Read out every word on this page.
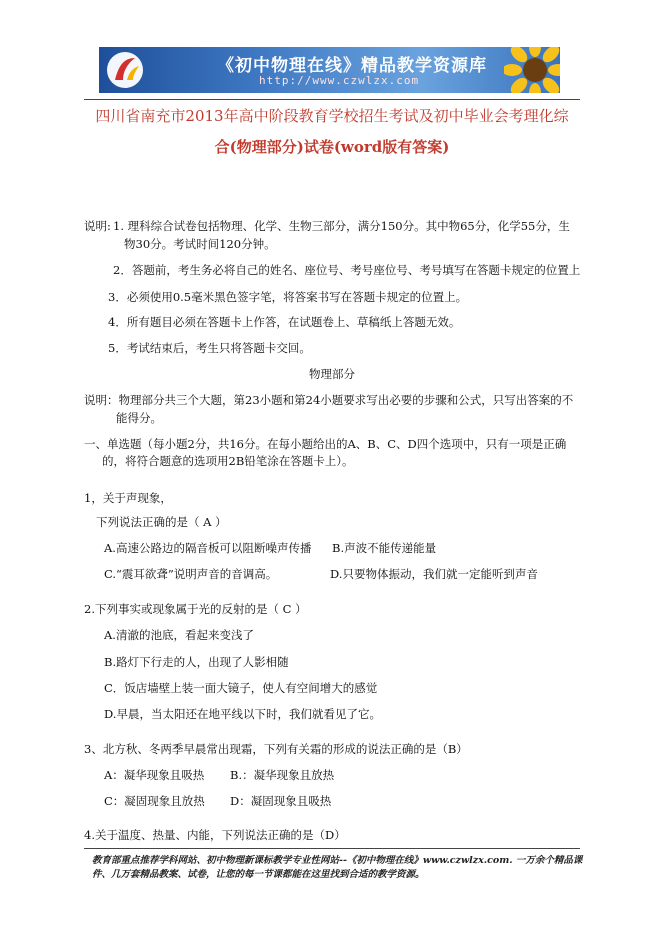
《初中物理在线》精品教学资源库
http://www.czwlzx.com
四川省南充市2013年高中阶段教育学校招生考试及初中毕业会考理化综
合(物理部分)试卷(word版有答案)
说明: 1. 理科综合试卷包括物理、化学、生物三部分，满分150分。其中物65分，化学55分，生
物30分。考试时间120分钟。
2．答题前，考生务必将自己的姓名、座位号、考号座位号、考号填写在答题卡规定的位置上
3．必须使用0.5毫米黑色签字笔，将答案书写在答题卡规定的位置上。
4．所有题目必须在答题卡上作答，在试题卷上、草稿纸上答题无效。
5．考试结束后，考生只将答题卡交回。
物理部分
说明：物理部分共三个大题，第23小题和第24小题要求写出必要的步骤和公式，只写出答案的不
能得分。
一、单选题（每小题2分，共16分。在每小题给出的A、B、C、D四个选项中，只有一项是正确
的，将符合题意的选项用2B铅笔涂在答题卡上）。
1，关于声现象，
下列说法正确的是（ A ）
A.高速公路边的隔音板可以阻断噪声传播 B.声波不能传递能量
C.“震耳欲聋”说明声音的音调高。	D.只要物体振动，我们就一定能听到声音
2.下列事实或现象属于光的反射的是（ C ）
A.清澈的池底，看起来变浅了
B.路灯下行走的人，出现了人影相随
C．饭店墙壁上装一面大镜子，使人有空间增大的感觉
D.早晨，当太阳还在地平线以下时，我们就看见了它。
3、北方秋、冬两季早晨常出现霜，下列有关霜的形成的说法正确的是（B）
A：凝华现象且吸热 B.：凝华现象且放热
C：凝固现象且放热 D：凝固现象且吸热
4.关于温度、热量、内能，下列说法正确的是（D）
教育部重点推荐学科网站、初中物理新课标教学专业性网站--《初中物理在线》www.czwlzx.com. 一万余个精品课
件、几万套精品教案、试卷，让您的每一节课都能在这里找到合适的教学资源。
